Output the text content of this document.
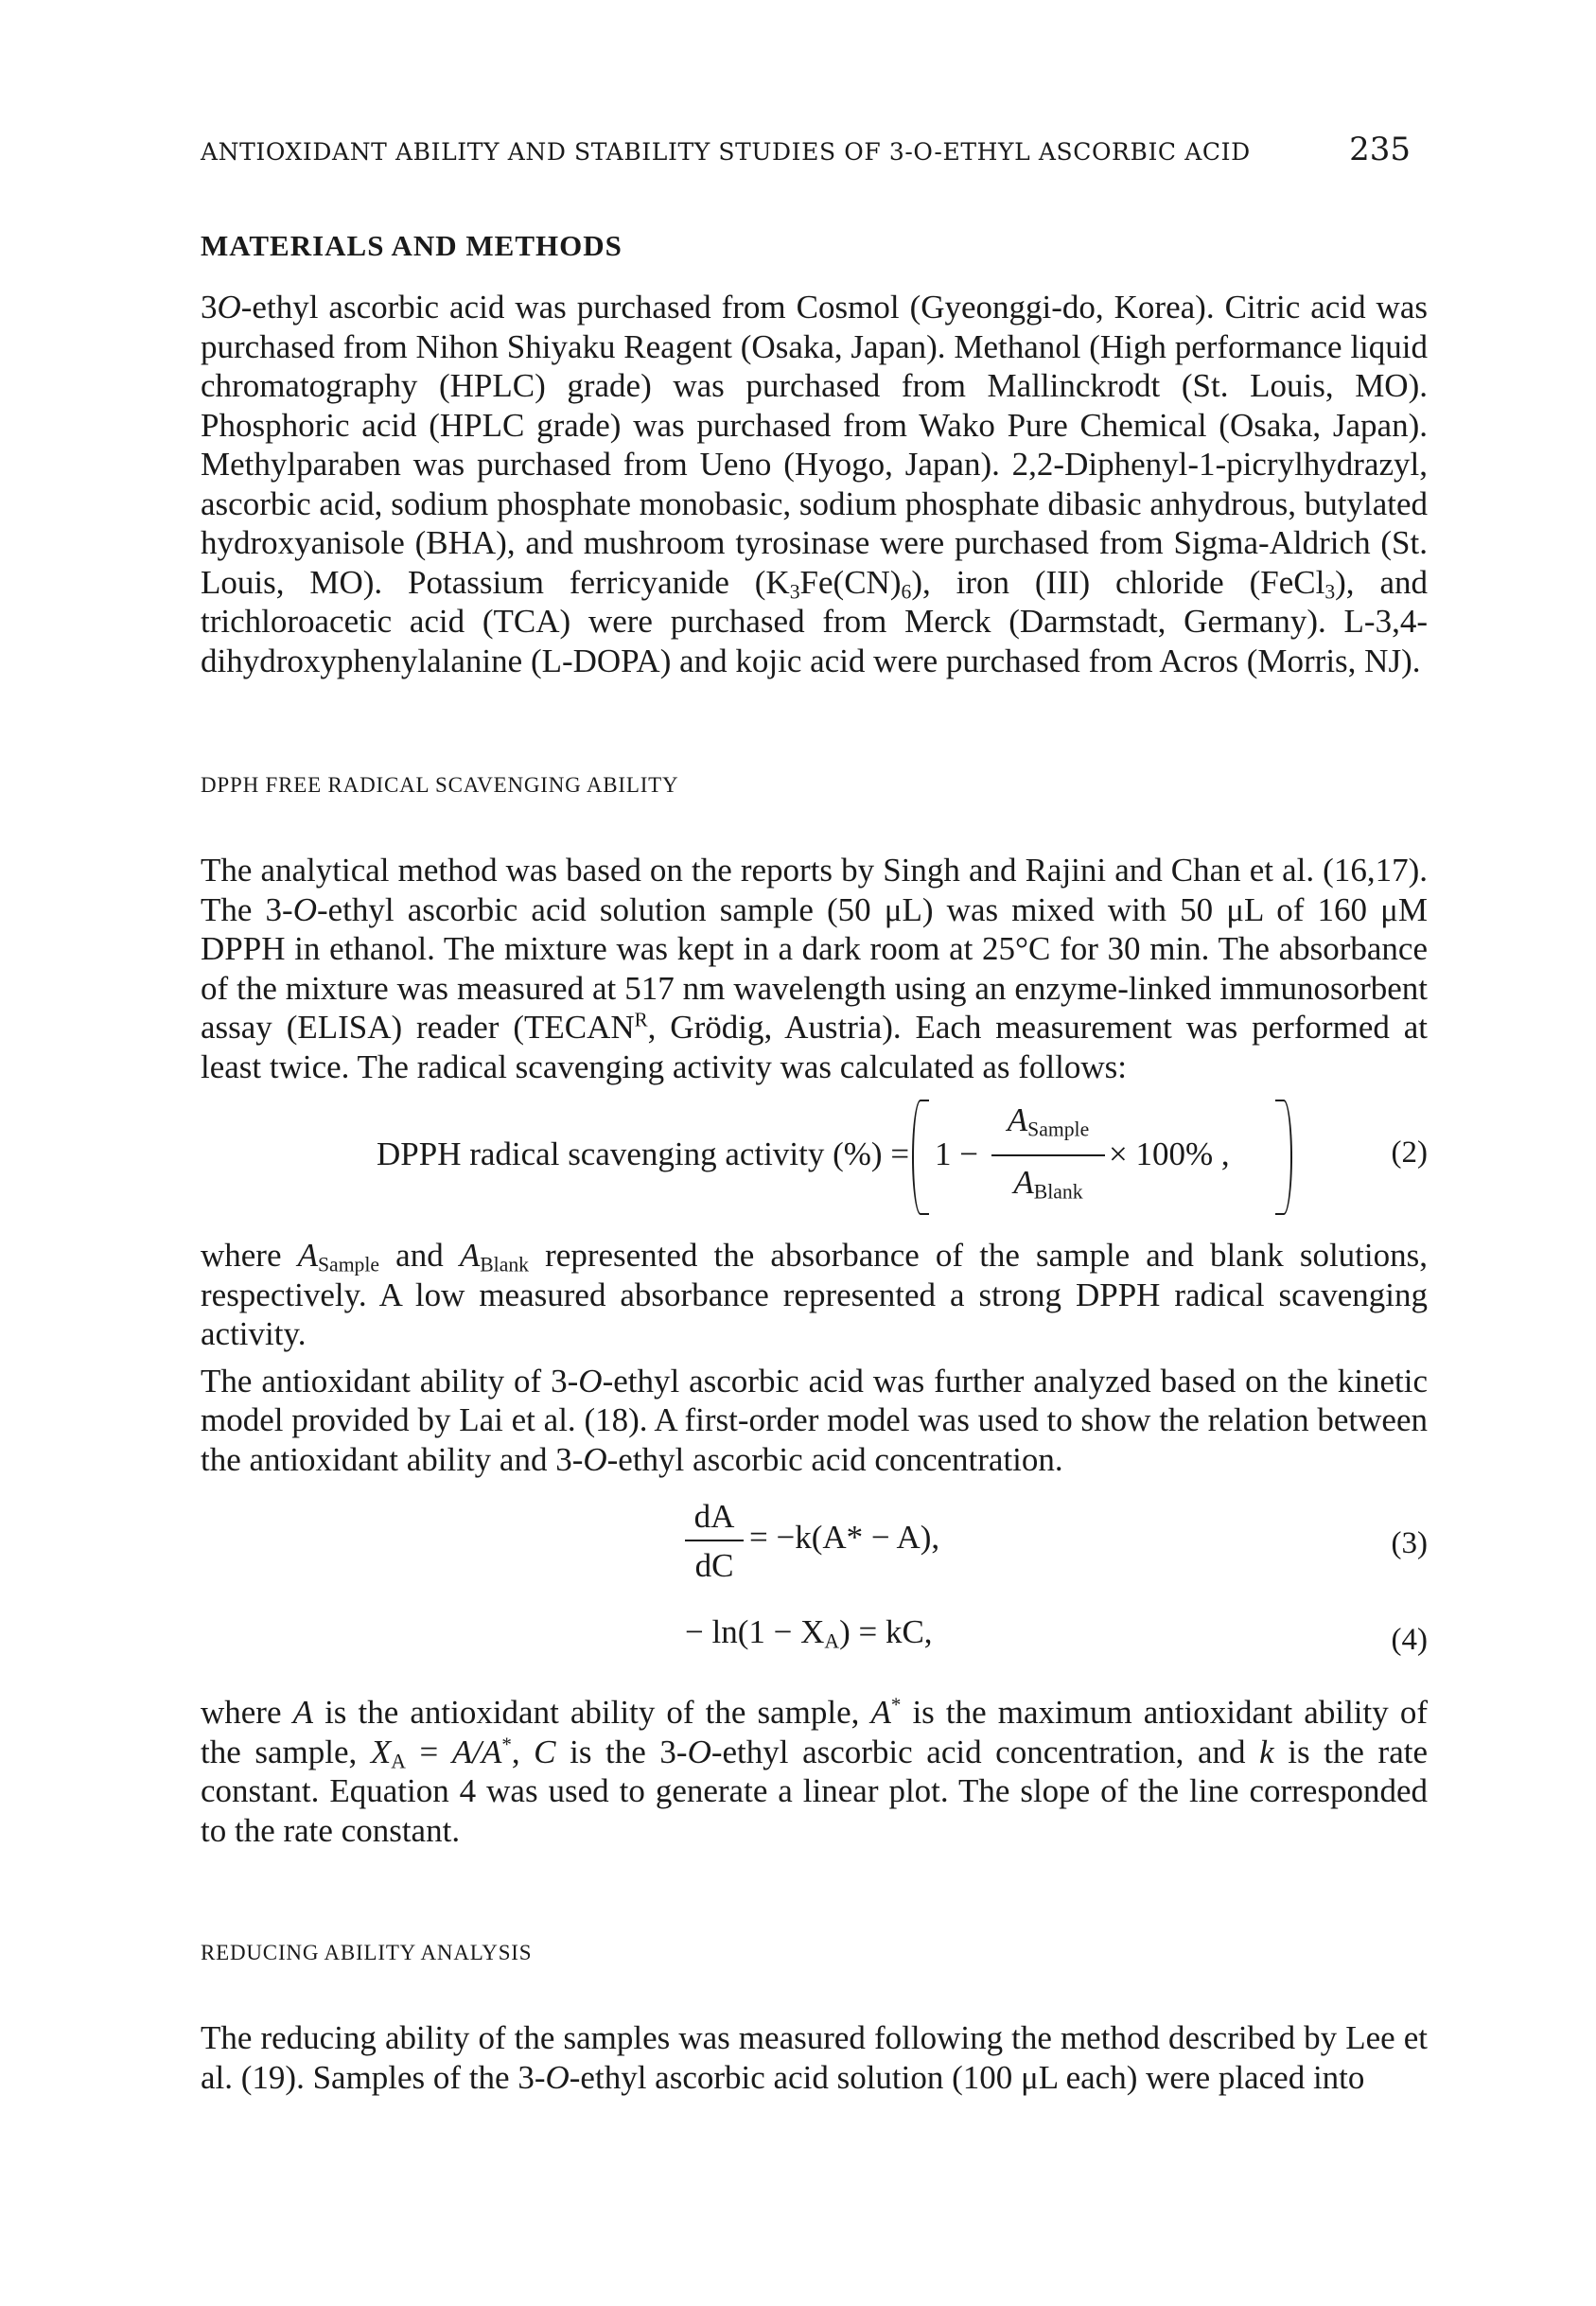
ANTIOXIDANT ABILITY AND STABILITY STUDIES OF 3-O-ETHYL ASCORBIC ACID	235
MATERIALS AND METHODS

3O-ethyl ascorbic acid was purchased from Cosmol (Gyeonggi-do, Korea). Citric acid was purchased from Nihon Shiyaku Reagent (Osaka, Japan). Methanol (High performance liquid chromatography (HPLC) grade) was purchased from Mallinckrodt (St. Louis, MO). Phosphoric acid (HPLC grade) was purchased from Wako Pure Chemical (Osaka, Japan). Methylparaben was purchased from Ueno (Hyogo, Japan). 2,2-Diphenyl-1-picrylhydrazyl, ascorbic acid, sodium phosphate monobasic, sodium phosphate dibasic anhydrous, butylated hydroxyanisole (BHA), and mushroom tyrosinase were purchased from Sigma-Aldrich (St. Louis, MO). Potassium ferricyanide $(K_3Fe(CN)_6)$, iron (III) chloride (FeCl$_3$), and trichloroacetic acid (TCA) were purchased from Merck (Darmstadt, Germany). L-3,4-dihydroxyphenylalanine (L-DOPA) and kojic acid were purchased from Acros (Morris, NJ).

DPPH FREE RADICAL SCAVENGING ABILITY

The analytical method was based on the reports by Singh and Rajini and Chan et al. (16,17). The 3-O-ethyl ascorbic acid solution sample (50 μL) was mixed with 50 μL of 160 μM DPPH in ethanol. The mixture was kept in a dark room at 25°C for 30 min. The absorbance of the mixture was measured at 517 nm wavelength using an enzyme-linked immunosorbent assay (ELISA) reader ($TECAN^R$, Grödig, Austria). Each measurement was performed at least twice. The radical scavenging activity was calculated as follows:

DPPH radical scavenging activity (%) = 1 −
$A_{Sample}$
$A_{Blank}$
× 100% ,	(2)

where $A_{Sample}$ and $A_{Blank}$ represented the absorbance of the sample and blank solutions, respectively. A low measured absorbance represented a strong DPPH radical scavenging activity.

The antioxidant ability of 3-O-ethyl ascorbic acid was further analyzed based on the kinetic model provided by Lai et al. (18). A first-order model was used to show the relation between the antioxidant ability and 3-O-ethyl ascorbic acid concentration.

dA
dC
= −k(A* − A),	(3)
− $\ln(1 - X_A)$ = kC,	(4)

where A is the antioxidant ability of the sample, A* is the maximum antioxidant ability of the sample, $X_A = A/A^*$, C is the 3-O-ethyl ascorbic acid concentration, and k is the rate constant. Equation 4 was used to generate a linear plot. The slope of the line corresponded to the rate constant.

REDUCING ABILITY ANALYSIS

The reducing ability of the samples was measured following the method described by Lee et al. (19). Samples of the 3-O-ethyl ascorbic acid solution (100 μL each) were placed into
